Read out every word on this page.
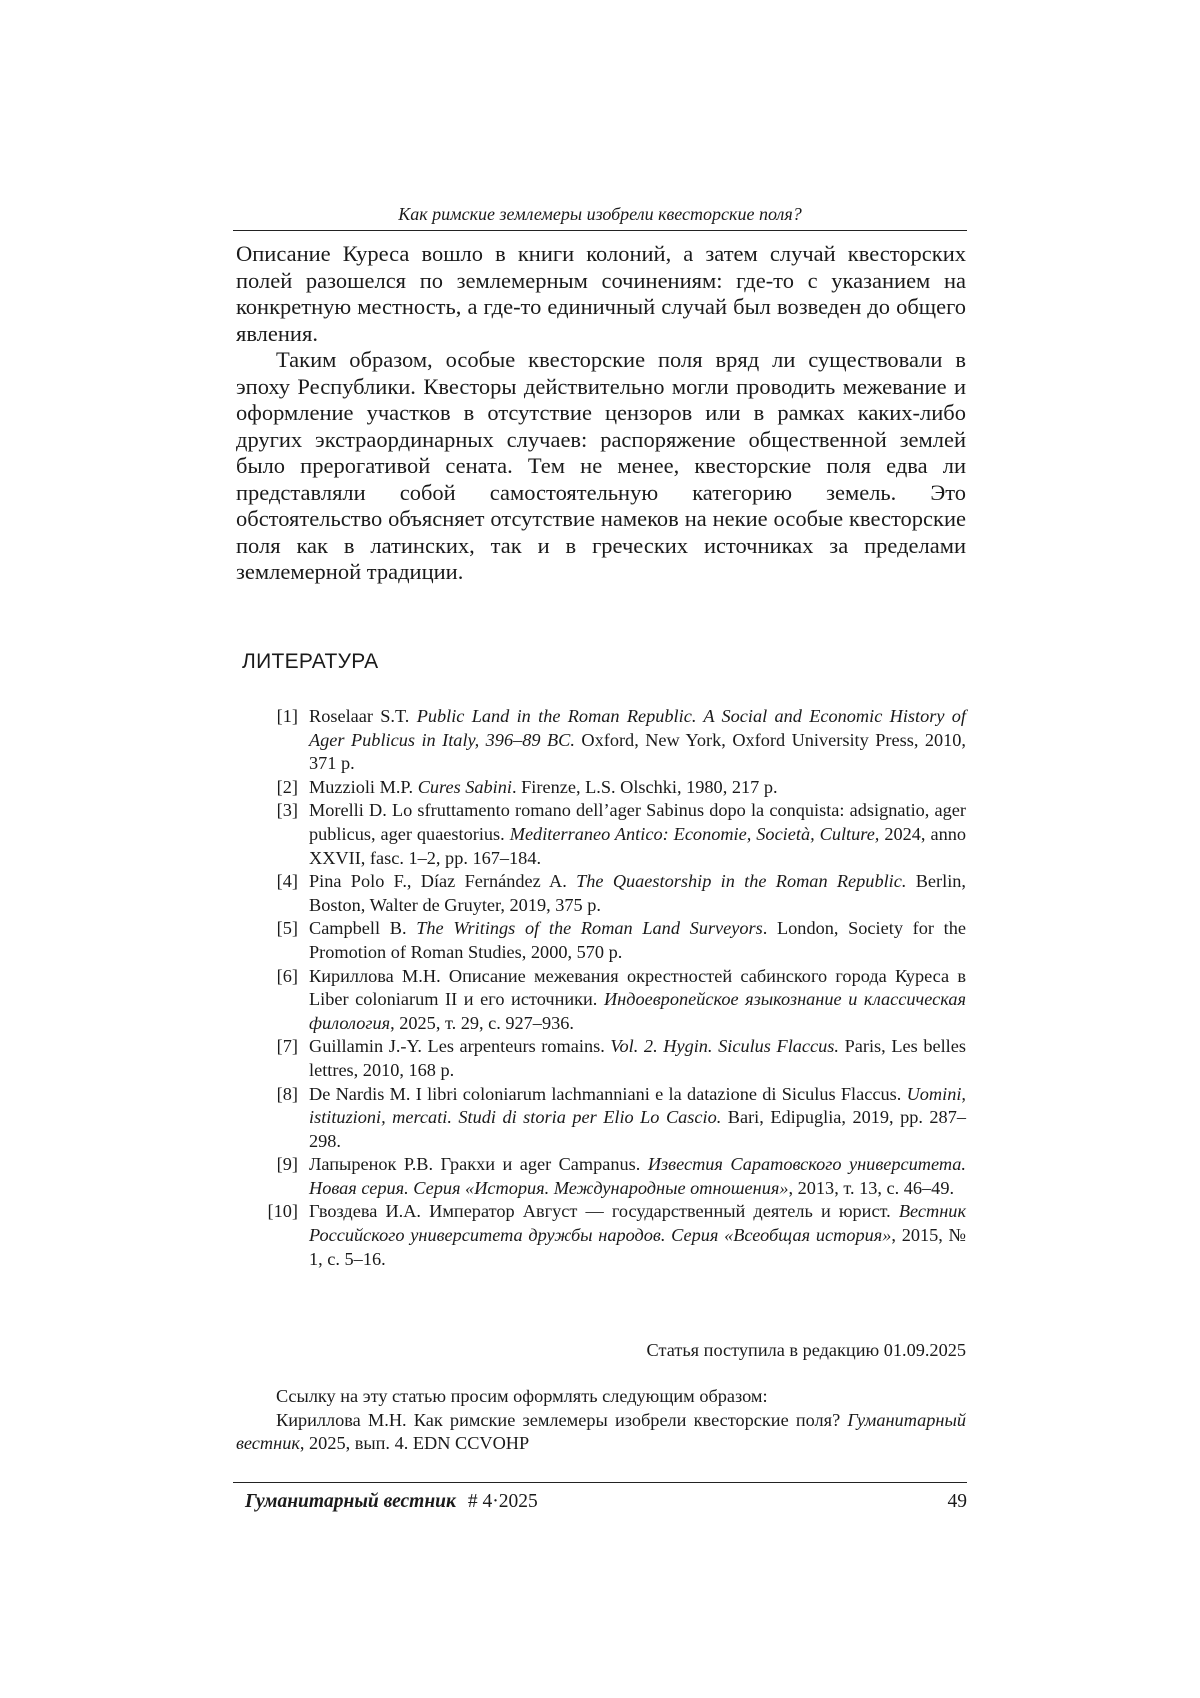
Как римские землемеры изобрели квесторские поля?

Описание Куреса вошло в книги колоний, а затем случай квесторских полей разошелся по землемерным сочинениям: где-то с указанием на конкретную местность, а где-то единичный случай был возведен до общего явления.

Таким образом, особые квесторские поля вряд ли существовали в эпоху Республики. Квесторы действительно могли проводить межевание и оформление участков в отсутствие цензоров или в рамках каких-либо других экстраординарных случаев: распоряжение общественной землей было прерогативой сената. Тем не менее, квесторские поля едва ли представляли собой самостоятельную категорию земель. Это обстоятельство объясняет отсутствие намеков на некие особые квесторские поля как в латинских, так и в греческих источниках за пределами землемерной традиции.

ЛИТЕРАТУРА
[1] Roselaar S.T. Public Land in the Roman Republic. A Social and Economic History of Ager Publicus in Italy, 396–89 BC. Oxford, New York, Oxford University Press, 2010, 371 p.
[2] Muzzioli M.P. Cures Sabini. Firenze, L.S. Olschki, 1980, 217 p.
[3] Morelli D. Lo sfruttamento romano dell’ager Sabinus dopo la conquista: adsignatio, ager publicus, ager quaestorius. Mediterraneo Antico: Economie, Società, Culture, 2024, anno XXVII, fasc. 1–2, pp. 167–184.
[4] Pina Polo F., Díaz Fernández A. The Quaestorship in the Roman Republic. Berlin, Boston, Walter de Gruyter, 2019, 375 p.
[5] Campbell B. The Writings of the Roman Land Surveyors. London, Society for the Promotion of Roman Studies, 2000, 570 p.
[6] Кириллова М.Н. Описание межевания окрестностей сабинского города Куреса в Liber coloniarum II и его источники. Индоевропейское языкознание и классическая филология, 2025, т. 29, с. 927–936.
[7] Guillamin J.-Y. Les arpenteurs romains. Vol. 2. Hygin. Siculus Flaccus. Paris, Les belles lettres, 2010, 168 p.
[8] De Nardis M. I libri coloniarum lachmanniani e la datazione di Siculus Flaccus. Uomini, istituzioni, mercati. Studi di storia per Elio Lo Cascio. Bari, Edipuglia, 2019, pp. 287–298.
[9] Лапыренок Р.В. Гракхи и ager Campanus. Известия Саратовского университета. Новая серия. Серия «История. Международные отношения», 2013, т. 13, с. 46–49.
[10] Гвоздева И.А. Император Август — государственный деятель и юрист. Вестник Российского университета дружбы народов. Серия «Всеобщая история», 2015, № 1, с. 5–16.
Статья поступила в редакцию 01.09.2025

Ссылку на эту статью просим оформлять следующим образом:

Кириллова М.Н. Как римские землемеры изобрели квесторские поля? Гуманитарный вестник, 2025, вып. 4. EDN CCVOHP

Гуманитарный вестник # 4·2025	49
